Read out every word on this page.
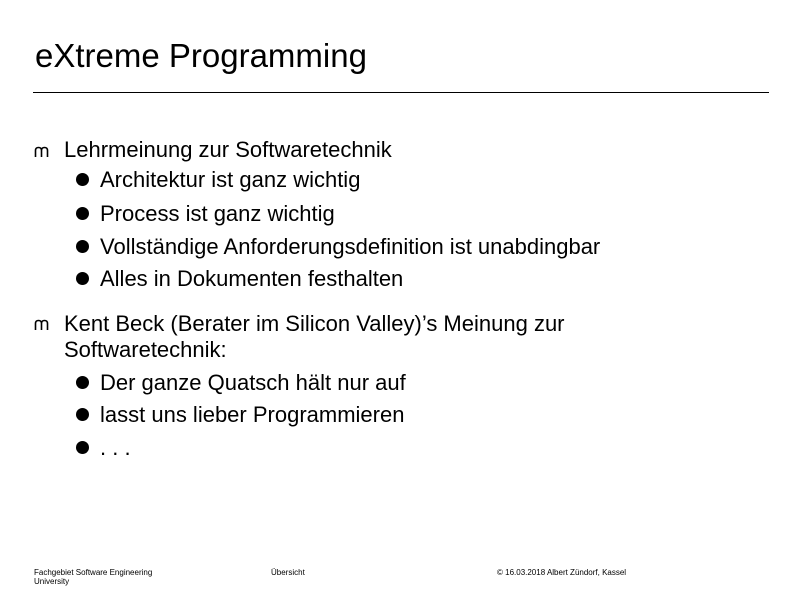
eXtreme Programming
Lehrmeinung zur Softwaretechnik
Architektur ist ganz wichtig
Process ist ganz wichtig
Vollständige Anforderungsdefinition ist unabdingbar
Alles in Dokumenten festhalten
Kent Beck (Berater im Silicon Valley)’s Meinung zur
Softwaretechnik:
Der ganze Quatsch hält nur auf
lasst uns lieber Programmieren
. . .
Fachgebiet Software Engineering
University
Übersicht	© 16.03.2018 Albert Zündorf, Kassel
